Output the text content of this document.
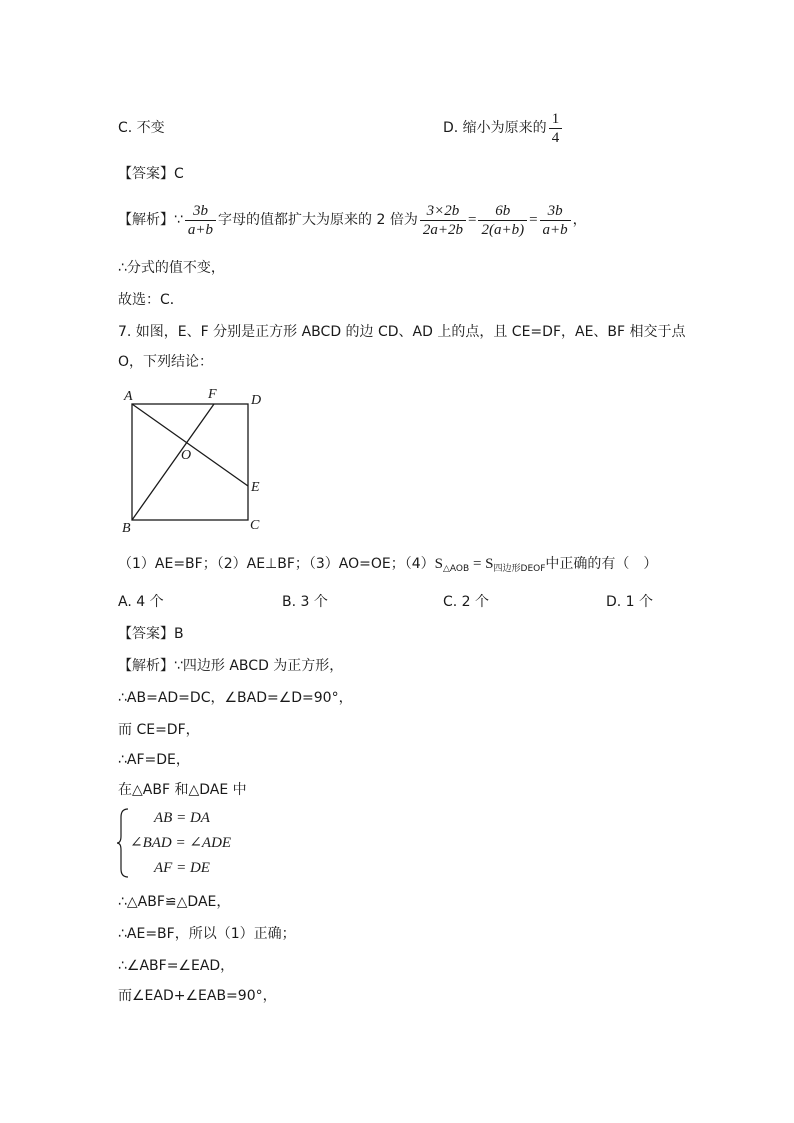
C. 不变	D. 缩小为原来的 $\frac{1}{4}$
【答案】C
【解析】∵ $\frac{3b}{a+b}$ 字母的值都扩大为原来的 2 倍为 $\frac{3\times 2b}{2a+2b} = \frac{6b}{2(a+b)} = \frac{3b}{a+b}$ ，
∴分式的值不变，
故选：C．
7. 如图，E、F 分别是正方形 ABCD 的边 CD、AD 上的点，且 CE=DF，AE、BF 相交于点
O，下列结论：
A	F D
O
E
B	C
（1）AE=BF；（2）AE⊥BF；（3）AO=OE；$(4)S_{\triangle AOB} = S_{四边形DEOF}$中正确的有（　）
A. 4 个	B. 3 个	C. 2 个	D. 1 个
【答案】B
【解析】∵四边形 ABCD 为正方形，
∴AB=AD=DC，∠BAD=∠D=90°，
而 CE=DF，
∴AF=DE，
在△ABF 和△DAE 中
AB = DA
∠BAD = ∠ADE
AF = DE
∴△ABF≌△DAE，
∴AE=BF，所以（1）正确；
∴∠ABF=∠EAD，
而∠EAD+∠EAB=90°，
